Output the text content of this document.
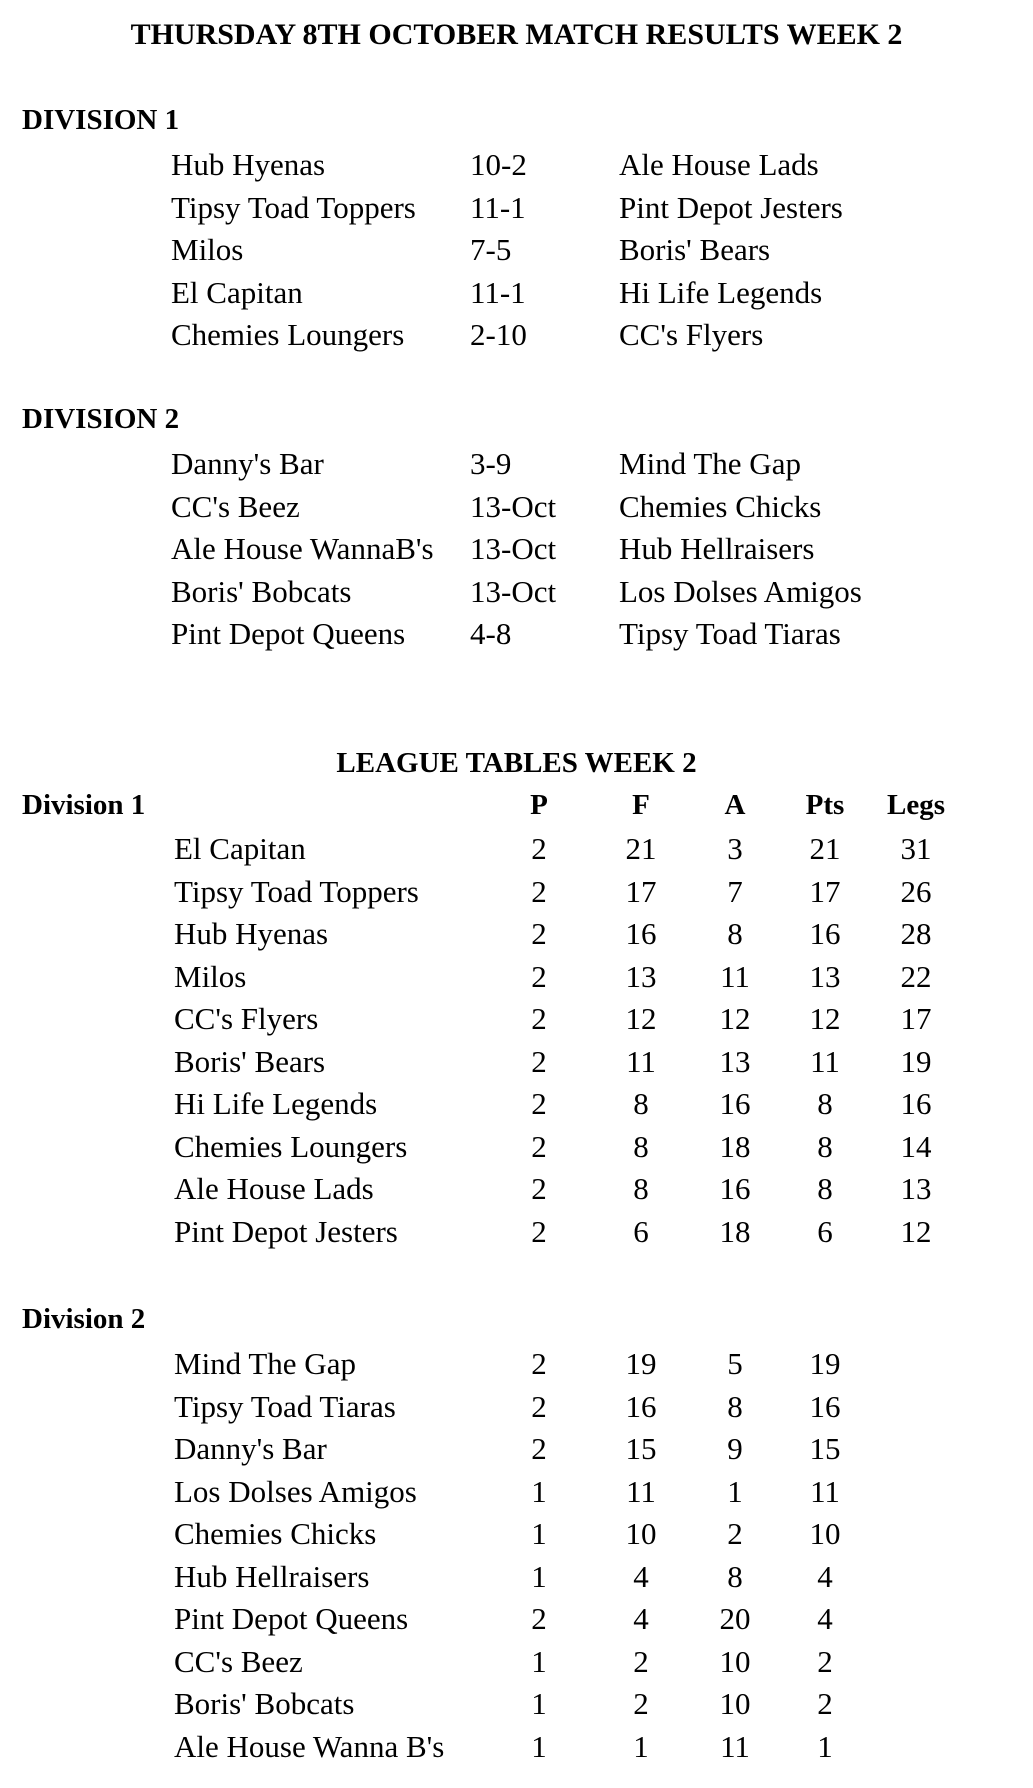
THURSDAY 8TH OCTOBER MATCH RESULTS WEEK 2
DIVISION 1
Hub Hyenas	10-2	Ale House Lads
Tipsy Toad Toppers 11-1	Pint Depot Jesters
Milos	7-5	Boris' Bears
El Capitan	11-1	Hi Life Legends
Chemies Loungers 2-10	CC's Flyers
DIVISION 2
Danny's Bar	3-9	Mind The Gap
CC's Beez	13-Oct Chemies Chicks
Ale House WannaB's 13-Oct Hub Hellraisers
Boris' Bobcats	13-Oct Los Dolses Amigos
Pint Depot Queens 4-8	Tipsy Toad Tiaras
LEAGUE TABLES WEEK 2
Division 1	P	F	A	Pts	Legs
El Capitan	2	21	3	21	31
Tipsy Toad Toppers	2	17	7	17	26
Hub Hyenas	2	16	8	16	28
Milos	2	13	11	13	22
CC's Flyers	2	12	12	12	17
Boris' Bears	2	11	13	11	19
Hi Life Legends	2	8	16	8	16
Chemies Loungers	2	8	18	8	14
Ale House Lads	2	8	16	8	13
Pint Depot Jesters	2	6	18	6	12
Division 2
Mind The Gap	2	19	5	19
Tipsy Toad Tiaras	2	16	8	16
Danny's Bar	2	15	9	15
Los Dolses Amigos	1	11	1	11
Chemies Chicks	1	10	2	10
Hub Hellraisers	1	4	8	4
Pint Depot Queens	2	4	20	4
CC's Beez	1	2	10	2
Boris' Bobcats	1	2	10	2
Ale House Wanna B's	1	1	11	1
